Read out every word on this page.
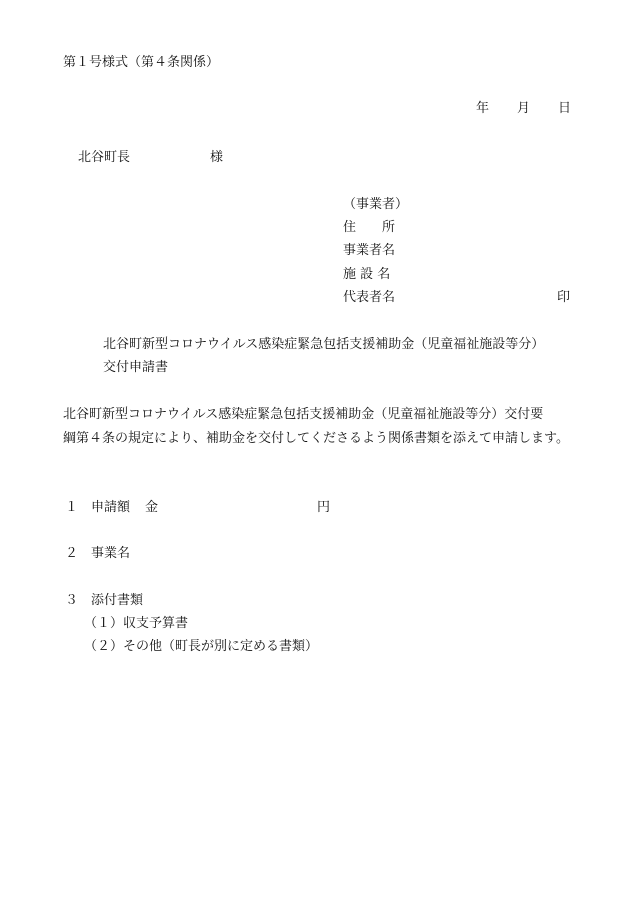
第１号様式（第４条関係）
年 月 日
北谷町長	様
（事業者）
住　　所
事業者名
施 設 名
代表者名	印
北谷町新型コロナウイルス感染症緊急包括支援補助金（児童福祉施設等分）
交付申請書
北谷町新型コロナウイルス感染症緊急包括支援補助金（児童福祉施設等分）交付要
綱第４条の規定により、補助金を交付してくださるよう関係書類を添えて申請します。
１ 申請額 金	円
２ 事業名
３ 添付書類
（１）収支予算書
（２）その他（町長が別に定める書類）
